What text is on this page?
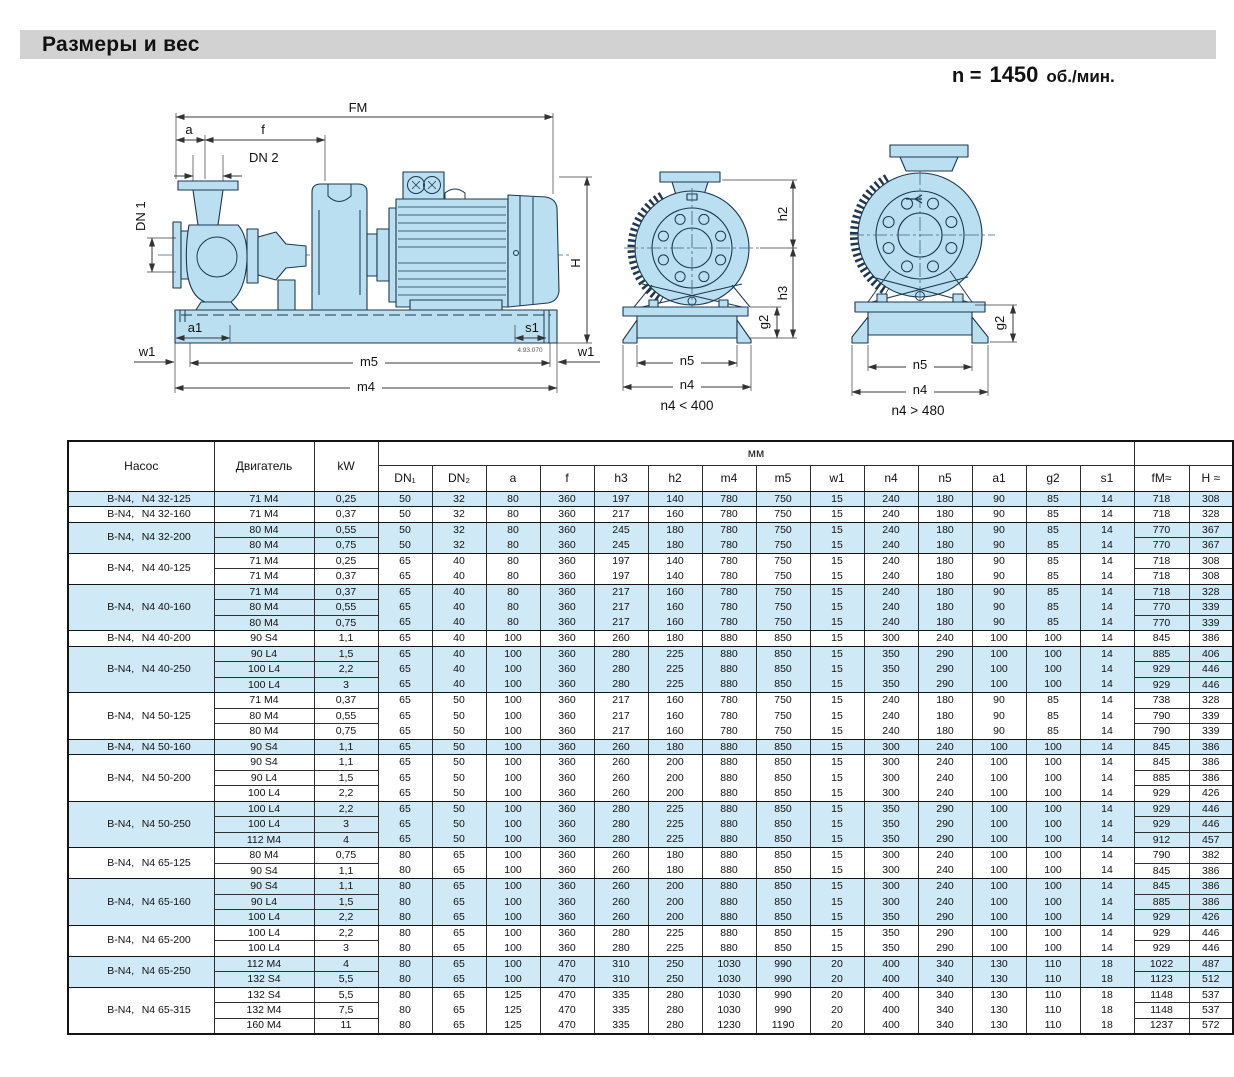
Размеры и вес
n = 1450 об./мин.
FM
a	f
DN 2
DN 1
H
a1	s1
w1	w1
m5
m4
4.93.070
h2
h3
g2
n5
n4
n4 < 400
g2
n5
n4
n4 > 480
Насос	Двигатель	kW	мм															
			DN₁	DN₂	a	f	h3	h2	m4	m5	w1	n4	n5	a1	g2	s1	fM≈	H ≈
B-N4, N4 32-125	71 M4	0,25	50	32	80	360	197	140	780	750	15	240	180	90	85	14	718	308
B-N4, N4 32-160	71 M4	0,37	50	32	80	360	217	160	780	750	15	240	180	90	85	14	718	328
B-N4, N4 32-200	80 M4	0,55	50	32	80	360	245	180	780	750	15	240	180	90	85	14	770	367
	80 M4	0,75	50	32	80	360	245	180	780	750	15	240	180	90	85	14	770	367
B-N4, N4 40-125	71 M4	0,25	65	40	80	360	197	140	780	750	15	240	180	90	85	14	718	308
	71 M4	0,37	65	40	80	360	197	140	780	750	15	240	180	90	85	14	718	308
B-N4, N4 40-160	71 M4	0,37	65	40	80	360	217	160	780	750	15	240	180	90	85	14	718	328
	80 M4	0,55	65	40	80	360	217	160	780	750	15	240	180	90	85	14	770	339
	80 M4	0,75	65	40	80	360	217	160	780	750	15	240	180	90	85	14	770	339
B-N4, N4 40-200	90 S4	1,1	65	40	100	360	260	180	880	850	15	300	240	100	100	14	845	386
B-N4, N4 40-250	90 L4	1,5	65	40	100	360	280	225	880	850	15	350	290	100	100	14	885	406
	100 L4	2,2	65	40	100	360	280	225	880	850	15	350	290	100	100	14	929	446
	100 L4	3	65	40	100	360	280	225	880	850	15	350	290	100	100	14	929	446
B-N4, N4 50-125	71 M4	0,37	65	50	100	360	217	160	780	750	15	240	180	90	85	14	738	328
	80 M4	0,55	65	50	100	360	217	160	780	750	15	240	180	90	85	14	790	339
	80 M4	0,75	65	50	100	360	217	160	780	750	15	240	180	90	85	14	790	339
B-N4, N4 50-160	90 S4	1,1	65	50	100	360	260	180	880	850	15	300	240	100	100	14	845	386
B-N4, N4 50-200	90 S4	1,1	65	50	100	360	260	200	880	850	15	300	240	100	100	14	845	386
	90 L4	1,5	65	50	100	360	260	200	880	850	15	300	240	100	100	14	885	386
	100 L4	2,2	65	50	100	360	260	200	880	850	15	300	240	100	100	14	929	426
B-N4, N4 50-250	100 L4	2,2	65	50	100	360	280	225	880	850	15	350	290	100	100	14	929	446
	100 L4	3	65	50	100	360	280	225	880	850	15	350	290	100	100	14	929	446
	112 M4	4	65	50	100	360	280	225	880	850	15	350	290	100	100	14	912	457
B-N4, N4 65-125	80 M4	0,75	80	65	100	360	260	180	880	850	15	300	240	100	100	14	790	382
	90 S4	1,1	80	65	100	360	260	180	880	850	15	300	240	100	100	14	845	386
B-N4, N4 65-160	90 S4	1,1	80	65	100	360	260	200	880	850	15	300	240	100	100	14	845	386
	90 L4	1,5	80	65	100	360	260	200	880	850	15	300	240	100	100	14	885	386
	100 L4	2,2	80	65	100	360	260	200	880	850	15	350	290	100	100	14	929	426
B-N4, N4 65-200	100 L4	2,2	80	65	100	360	280	225	880	850	15	350	290	100	100	14	929	446
	100 L4	3	80	65	100	360	280	225	880	850	15	350	290	100	100	14	929	446
B-N4, N4 65-250	112 M4	4	80	65	100	470	310	250	1030	990	20	400	340	130	110	18	1022	487
	132 S4	5,5	80	65	100	470	310	250	1030	990	20	400	340	130	110	18	1123	512
B-N4, N4 65-315	132 S4	5,5	80	65	125	470	335	280	1030	990	20	400	340	130	110	18	1148	537
	132 M4	7,5	80	65	125	470	335	280	1030	990	20	400	340	130	110	18	1148	537
	160 M4	11	80	65	125	470	335	280	1230	1190	20	400	340	130	110	18	1237	572
